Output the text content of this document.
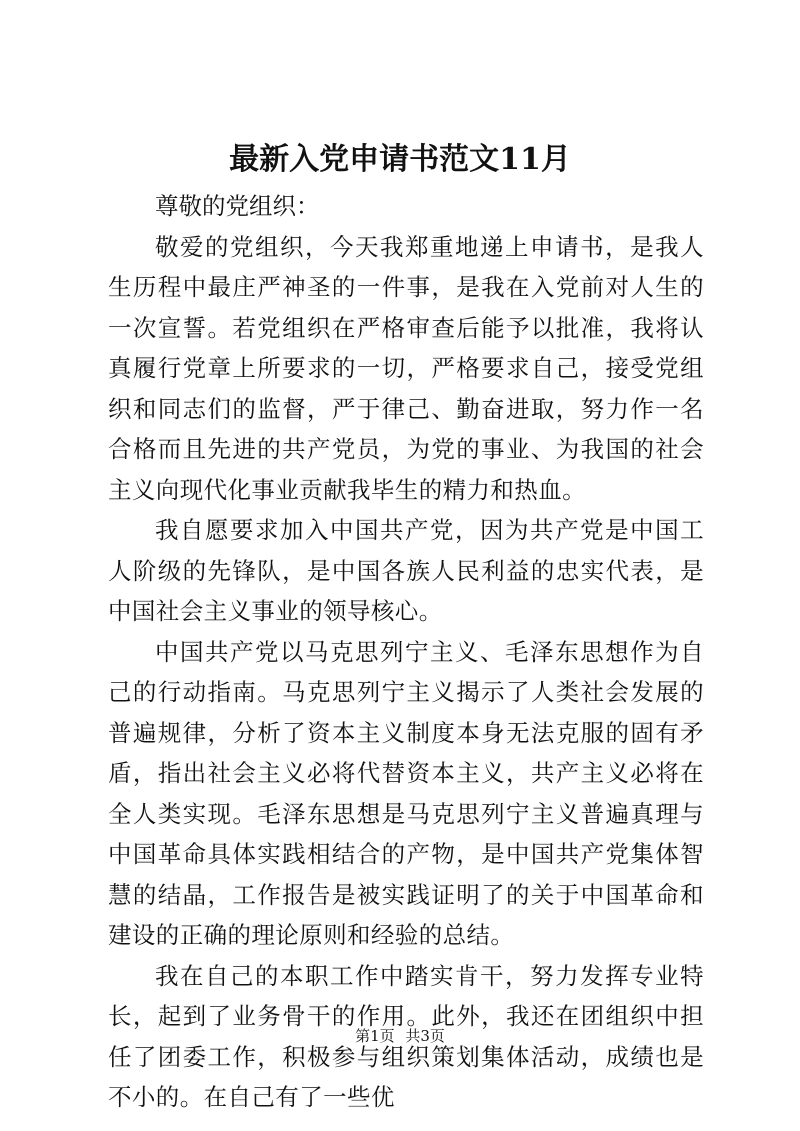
最新入党申请书范文11月

尊敬的党组织：

敬爱的党组织，今天我郑重地递上申请书，是我人生历程中最庄严神圣的一件事，是我在入党前对人生的一次宣誓。若党组织在严格审查后能予以批准，我将认真履行党章上所要求的一切，严格要求自己，接受党组织和同志们的监督，严于律己、勤奋进取，努力作一名合格而且先进的共产党员，为党的事业、为我国的社会主义向现代化事业贡献我毕生的精力和热血。

我自愿要求加入中国共产党，因为共产党是中国工人阶级的先锋队，是中国各族人民利益的忠实代表，是中国社会主义事业的领导核心。

中国共产党以马克思列宁主义、毛泽东思想作为自己的行动指南。马克思列宁主义揭示了人类社会发展的普遍规律，分析了资本主义制度本身无法克服的固有矛盾，指出社会主义必将代替资本主义，共产主义必将在全人类实现。毛泽东思想是马克思列宁主义普遍真理与中国革命具体实践相结合的产物，是中国共产党集体智慧的结晶，工作报告是被实践证明了的关于中国革命和建设的正确的理论原则和经验的总结。

我在自己的本职工作中踏实肯干，努力发挥专业特长，起到了业务骨干的作用。此外，我还在团组织中担任了团委工作，积极参与组织策划集体活动，成绩也是不小的。在自己有了一些优

第1页 共3页
